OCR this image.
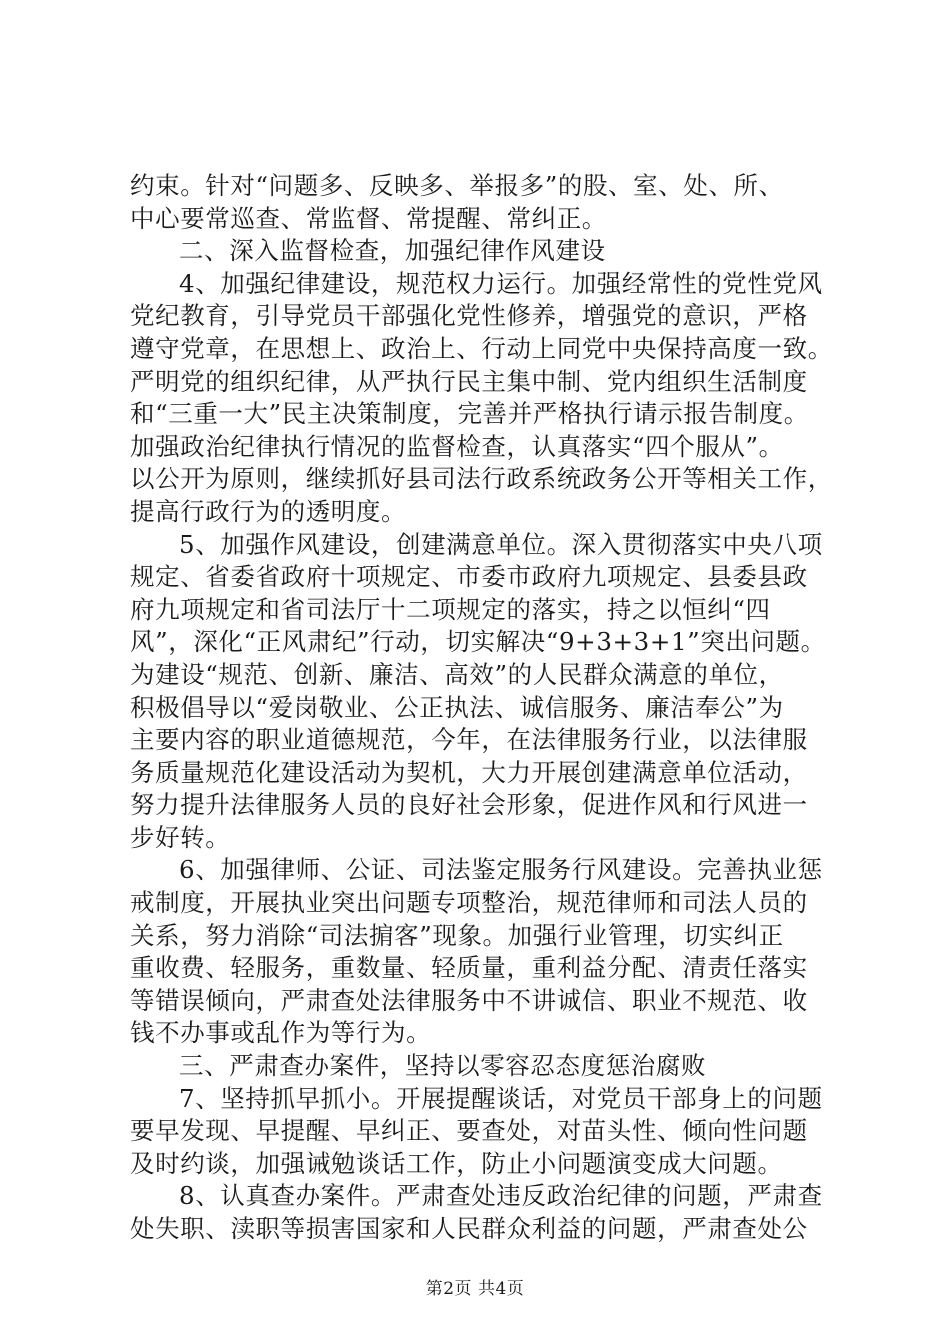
约束。针对“问题多、反映多、举报多”的股、室、处、所、
中心要常巡查、常监督、常提醒、常纠正。
二、深入监督检查，加强纪律作风建设
4、加强纪律建设，规范权力运行。加强经常性的党性党风
党纪教育，引导党员干部强化党性修养，增强党的意识，严格
遵守党章，在思想上、政治上、行动上同党中央保持高度一致。
严明党的组织纪律，从严执行民主集中制、党内组织生活制度
和“三重一大”民主决策制度，完善并严格执行请示报告制度。
加强政治纪律执行情况的监督检查，认真落实“四个服从”。
以公开为原则，继续抓好县司法行政系统政务公开等相关工作，
提高行政行为的透明度。
5、加强作风建设，创建满意单位。深入贯彻落实中央八项
规定、省委省政府十项规定、市委市政府九项规定、县委县政
府九项规定和省司法厅十二项规定的落实，持之以恒纠“四
风”，深化“正风肃纪”行动，切实解决“9+3+3+1”突出问题。
为建设“规范、创新、廉洁、高效”的人民群众满意的单位，
积极倡导以“爱岗敬业、公正执法、诚信服务、廉洁奉公”为
主要内容的职业道德规范，今年，在法律服务行业，以法律服
务质量规范化建设活动为契机，大力开展创建满意单位活动，
努力提升法律服务人员的良好社会形象，促进作风和行风进一
步好转。
6、加强律师、公证、司法鉴定服务行风建设。完善执业惩
戒制度，开展执业突出问题专项整治，规范律师和司法人员的
关系，努力消除“司法掮客”现象。加强行业管理，切实纠正
重收费、轻服务，重数量、轻质量，重利益分配、清责任落实
等错误倾向，严肃查处法律服务中不讲诚信、职业不规范、收
钱不办事或乱作为等行为。
三、严肃查办案件，坚持以零容忍态度惩治腐败
7、坚持抓早抓小。开展提醒谈话，对党员干部身上的问题
要早发现、早提醒、早纠正、要查处，对苗头性、倾向性问题
及时约谈，加强诫勉谈话工作，防止小问题演变成大问题。
8、认真查办案件。严肃查处违反政治纪律的问题，严肃查
处失职、渎职等损害国家和人民群众利益的问题，严肃查处公
第2页 共4页
